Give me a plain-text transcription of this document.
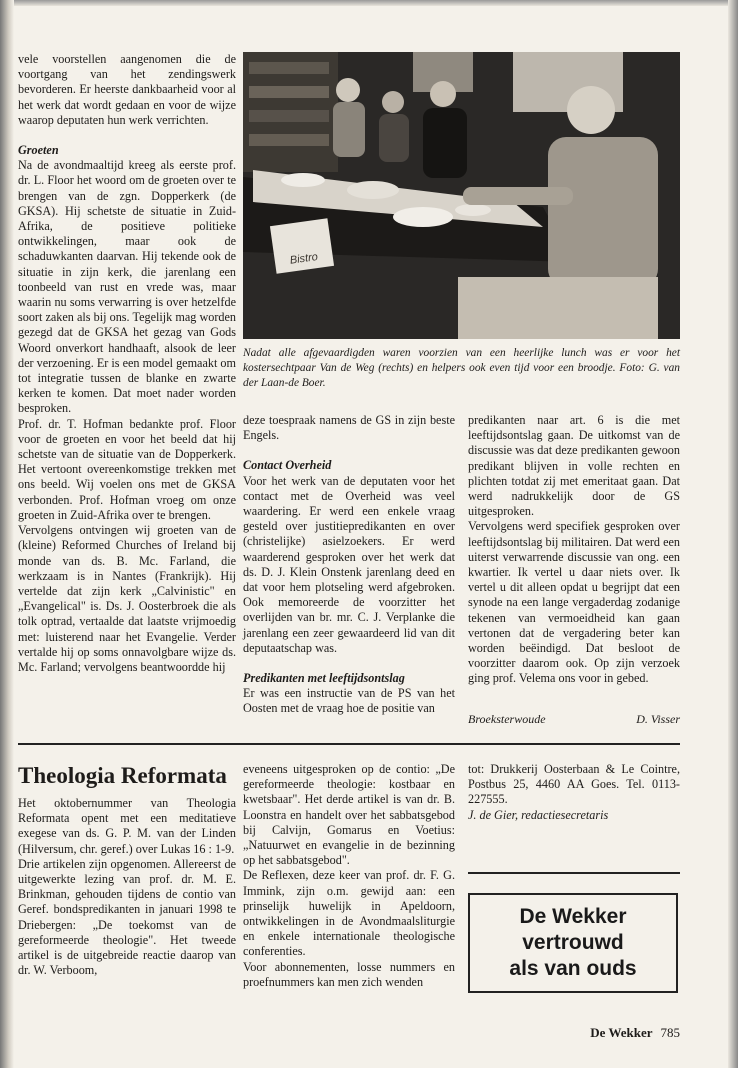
vele voorstellen aangenomen die de voortgang van het zendingswerk bevorderen. Er heerste dankbaarheid voor al het werk dat wordt gedaan en voor de wijze waarop deputaten hun werk verrichten.

Groeten

Na de avondmaaltijd kreeg als eerste prof. dr. L. Floor het woord om de groeten over te brengen van de zgn. Dopperkerk (de GKSA). Hij schetste de situatie in Zuid-Afrika, de positieve politieke ontwikkelingen, maar ook de schaduwkanten daarvan. Hij tekende ook de situatie in zijn kerk, die jarenlang een toonbeeld van rust en vrede was, maar waarin nu soms verwarring is over hetzelfde soort zaken als bij ons. Tegelijk mag worden gezegd dat de GKSA het gezag van Gods Woord onverkort handhaaft, alsook de leer der verzoening. Er is een model gemaakt om tot integratie tussen de blanke en zwarte kerken te komen. Dat moet nader worden besproken.

Prof. dr. T. Hofman bedankte prof. Floor voor de groeten en voor het beeld dat hij schetste van de situatie van de Dopperkerk. Het vertoont overeenkomstige trekken met ons beeld. Wij voelen ons met de GKSA verbonden. Prof. Hofman vroeg om onze groeten in Zuid-Afrika over te brengen.

Vervolgens ontvingen wij groeten van de (kleine) Reformed Churches of Ireland bij monde van ds. B. Mc. Farland, die werkzaam is in Nantes (Frankrijk). Hij vertelde dat zijn kerk „Calvinistic" en „Evangelical" is. Ds. J. Oosterbroek die als tolk optrad, vertaalde dat laatste vrijmoedig met: luisterend naar het Evangelie. Verder vertalde hij op soms onnavolgbare wijze ds. Mc. Farland; vervolgens beantwoordde hij

Bistro
Nadat alle afgevaardigden waren voorzien van een heerlijke lunch was er voor het kostersechtpaar Van de Weg (rechts) en helpers ook even tijd voor een broodje. Foto: G. van der Laan-de Boer.

deze toespraak namens de GS in zijn beste Engels.

Contact Overheid

Voor het werk van de deputaten voor het contact met de Overheid was veel waardering. Er werd een enkele vraag gesteld over justitiepredikanten en over (christelijke) asielzoekers. Er werd waarderend gesproken over het werk dat ds. D. J. Klein Onstenk jarenlang deed en dat voor hem plotseling werd afgebroken. Ook memoreerde de voorzitter het overlijden van br. mr. C. J. Verplanke die jarenlang een zeer gewaardeerd lid van dit deputaatschap was.

Predikanten met leeftijdsontslag

Er was een instructie van de PS van het Oosten met de vraag hoe de positie van

predikanten naar art. 6 is die met leeftijdsontslag gaan. De uitkomst van de discussie was dat deze predikanten gewoon predikant blijven in volle rechten en plichten totdat zij met emeritaat gaan. Dat werd nadrukkelijk door de GS uitgesproken.

Vervolgens werd specifiek gesproken over leeftijdsontslag bij militairen. Dat werd een uiterst verwarrende discussie van ong. een kwartier. Ik vertel u daar niets over. Ik vertel u dit alleen opdat u begrijpt dat een synode na een lange vergaderdag zodanige tekenen van vermoeidheid kan gaan vertonen dat de vergadering beter kan worden beëindigd. Dat besloot de voorzitter daarom ook. Op zijn verzoek ging prof. Velema ons voor in gebed.

Broeksterwoude	D. Visser
Theologia Reformata

Het oktobernummer van Theologia Reformata opent met een meditatieve exegese van ds. G. P. M. van der Linden (Hilversum, chr. geref.) over Lukas 16 : 1-9.

Drie artikelen zijn opgenomen. Allereerst de uitgewerkte lezing van prof. dr. M. E. Brinkman, gehouden tijdens de contio van Geref. bondspredikanten in januari 1998 te Driebergen: „De toekomst van de gereformeerde theologie". Het tweede artikel is de uitgebreide reactie daarop van dr. W. Verboom,

eveneens uitgesproken op de contio: „De gereformeerde theologie: kostbaar en kwetsbaar". Het derde artikel is van dr. B. Loonstra en handelt over het sabbatsgebod bij Calvijn, Gomarus en Voetius: „Natuurwet en evangelie in de bezinning op het sabbatsgebod".

De Reflexen, deze keer van prof. dr. F. G. Immink, zijn o.m. gewijd aan: een prinselijk huwelijk in Apeldoorn, ontwikkelingen in de Avondmaalsliturgie en enkele internationale theologische conferenties.

Voor abonnementen, losse nummers en proefnummers kan men zich wenden

tot: Drukkerij Oosterbaan & Le Cointre, Postbus 25, 4460 AA Goes. Tel. 0113-227555.

J. de Gier, redactiesecretaris

De Wekker
vertrouwd
als van ouds
De Wekker 785
